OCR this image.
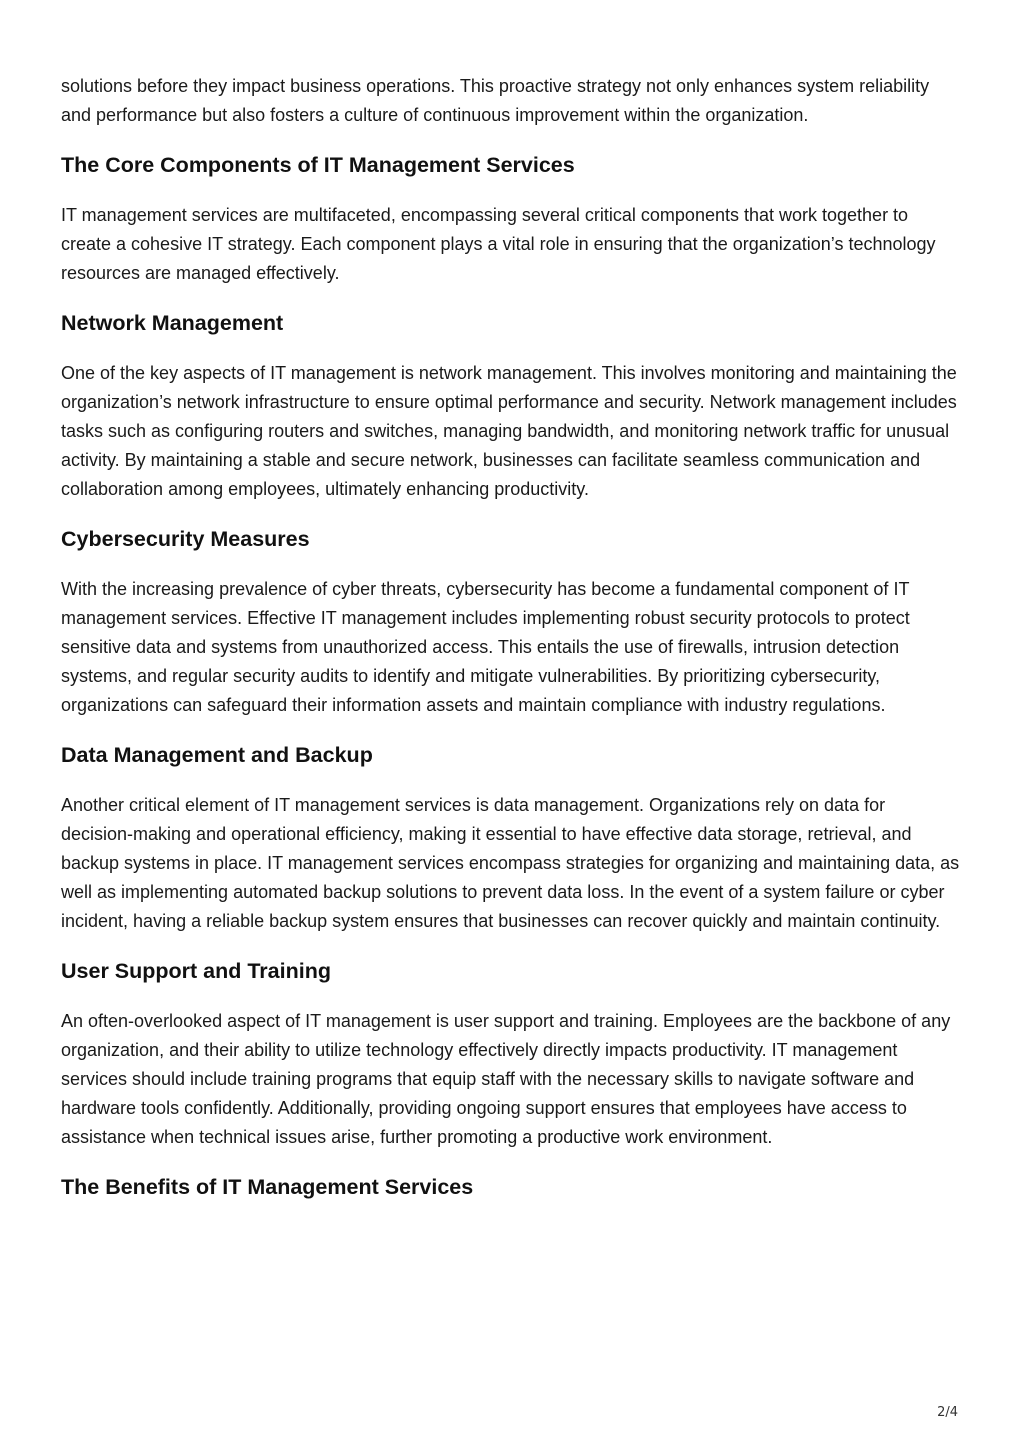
solutions before they impact business operations. This proactive strategy not only enhances system reliability and performance but also fosters a culture of continuous improvement within the organization.

The Core Components of IT Management Services

IT management services are multifaceted, encompassing several critical components that work together to create a cohesive IT strategy. Each component plays a vital role in ensuring that the organization’s technology resources are managed effectively.

Network Management

One of the key aspects of IT management is network management. This involves monitoring and maintaining the organization’s network infrastructure to ensure optimal performance and security. Network management includes tasks such as configuring routers and switches, managing bandwidth, and monitoring network traffic for unusual activity. By maintaining a stable and secure network, businesses can facilitate seamless communication and collaboration among employees, ultimately enhancing productivity.

Cybersecurity Measures

With the increasing prevalence of cyber threats, cybersecurity has become a fundamental component of IT management services. Effective IT management includes implementing robust security protocols to protect sensitive data and systems from unauthorized access. This entails the use of firewalls, intrusion detection systems, and regular security audits to identify and mitigate vulnerabilities. By prioritizing cybersecurity, organizations can safeguard their information assets and maintain compliance with industry regulations.

Data Management and Backup

Another critical element of IT management services is data management. Organizations rely on data for decision-making and operational efficiency, making it essential to have effective data storage, retrieval, and backup systems in place. IT management services encompass strategies for organizing and maintaining data, as well as implementing automated backup solutions to prevent data loss. In the event of a system failure or cyber incident, having a reliable backup system ensures that businesses can recover quickly and maintain continuity.

User Support and Training

An often-overlooked aspect of IT management is user support and training. Employees are the backbone of any organization, and their ability to utilize technology effectively directly impacts productivity. IT management services should include training programs that equip staff with the necessary skills to navigate software and hardware tools confidently. Additionally, providing ongoing support ensures that employees have access to assistance when technical issues arise, further promoting a productive work environment.

The Benefits of IT Management Services
2/4
